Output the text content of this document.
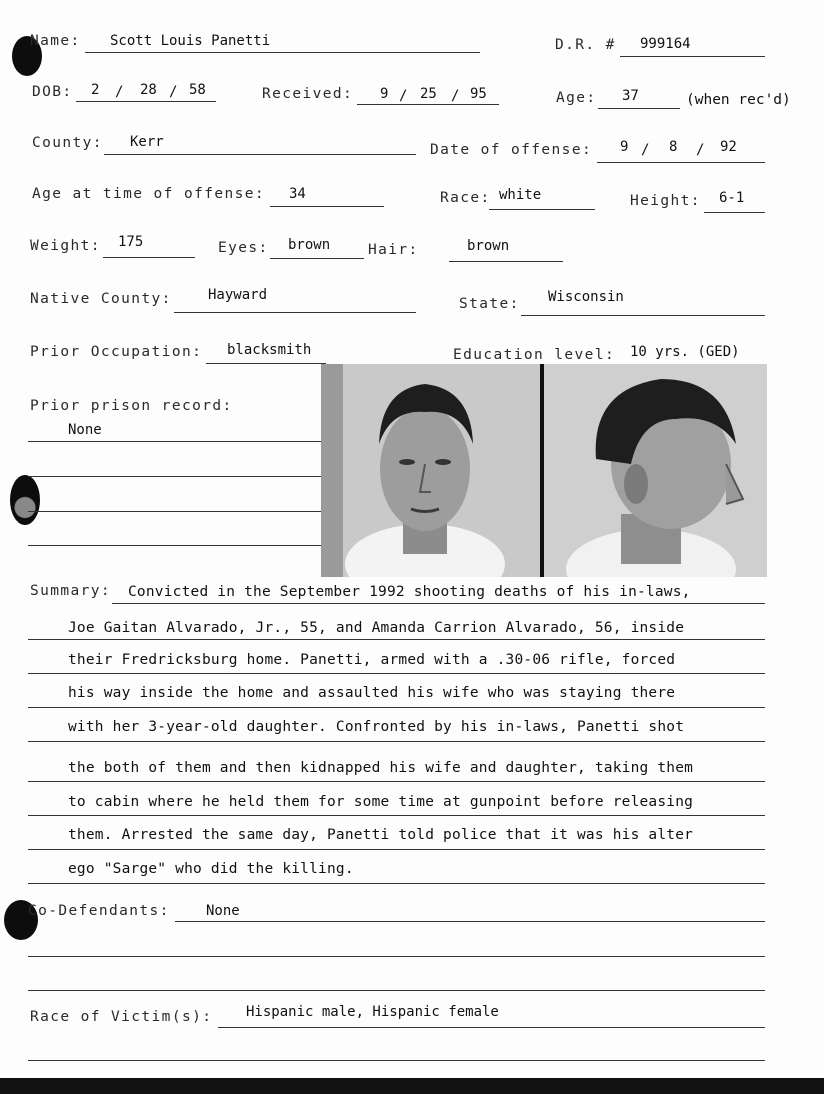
Name: Scott Louis Panetti	D.R. # 999164
DOB: 2 / 28 / 58	Received: 9 / 25 / 95	Age: 37	(when rec'd)
County: Kerr	Date of offense: 9 / 8 / 92
Age at time of offense: 34	Race: white	Height: 6-1
Weight: 175	Eyes: brown	Hair:	brown
Native County:	Hayward
State: Wisconsin
Prior Occupation: blacksmith	Education level: 10 yrs. (GED)
Prior prison record:
None
Summary: Convicted in the September 1992 shooting deaths of his in-laws,
Joe Gaitan Alvarado, Jr., 55, and Amanda Carrion Alvarado, 56, inside
their Fredricksburg home. Panetti, armed with a .30-06 rifle, forced
his way inside the home and assaulted his wife who was staying there
with her 3-year-old daughter. Confronted by his in-laws, Panetti shot
the both of them and then kidnapped his wife and daughter, taking them
to cabin where he held them for some time at gunpoint before releasing
them. Arrested the same day, Panetti told police that it was his alter
ego "Sarge" who did the killing.
Co-Defendants:	None
Race of Victim(s): Hispanic male, Hispanic female
